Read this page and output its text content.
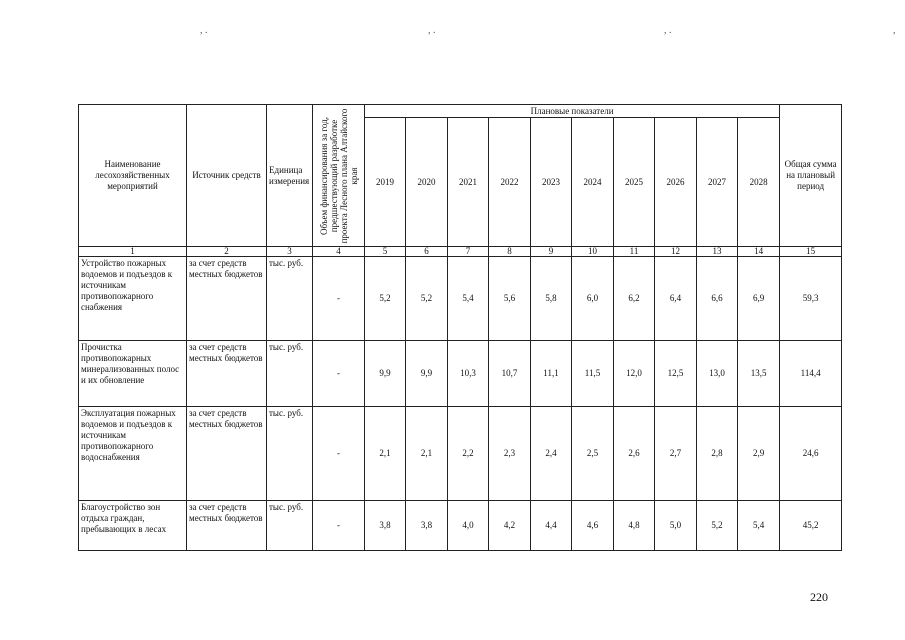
, .	, .	, .	,
Наименование лесохозяйственных мероприятий	Источник средств	Единица измерения	Объем финансирования за год, предшествующий разработке проекта Лесного плана Алтайского края	Плановые показатели										Общая сумма на плановый период
				2019	2020	2021	2022	2023	2024	2025	2026	2027	2028	
1	2	3	4	5	6	7	8	9	10	11	12	13	14	15
Устройство пожарных водоемов и подъездов к источникам противопожарного снабжения	за счет средств местных бюджетов	тыс. руб.	-	5,2	5,2	5,4	5,6	5,8	6,0	6,2	6,4	6,6	6,9	59,3
Прочистка противопожарных минерализованных полос и их обновление	за счет средств местных бюджетов	тыс. руб.	-	9,9	9,9	10,3	10,7	11,1	11,5	12,0	12,5	13,0	13,5	114,4
Эксплуатация пожарных водоемов и подъездов к источникам противопожарного водоснабжения	за счет средств местных бюджетов	тыс. руб.	-	2,1	2,1	2,2	2,3	2,4	2,5	2,6	2,7	2,8	2,9	24,6
Благоустройство зон отдыха граждан, пребывающих в лесах	за счет средств местных бюджетов	тыс. руб.	-	3,8	3,8	4,0	4,2	4,4	4,6	4,8	5,0	5,2	5,4	45,2
220
